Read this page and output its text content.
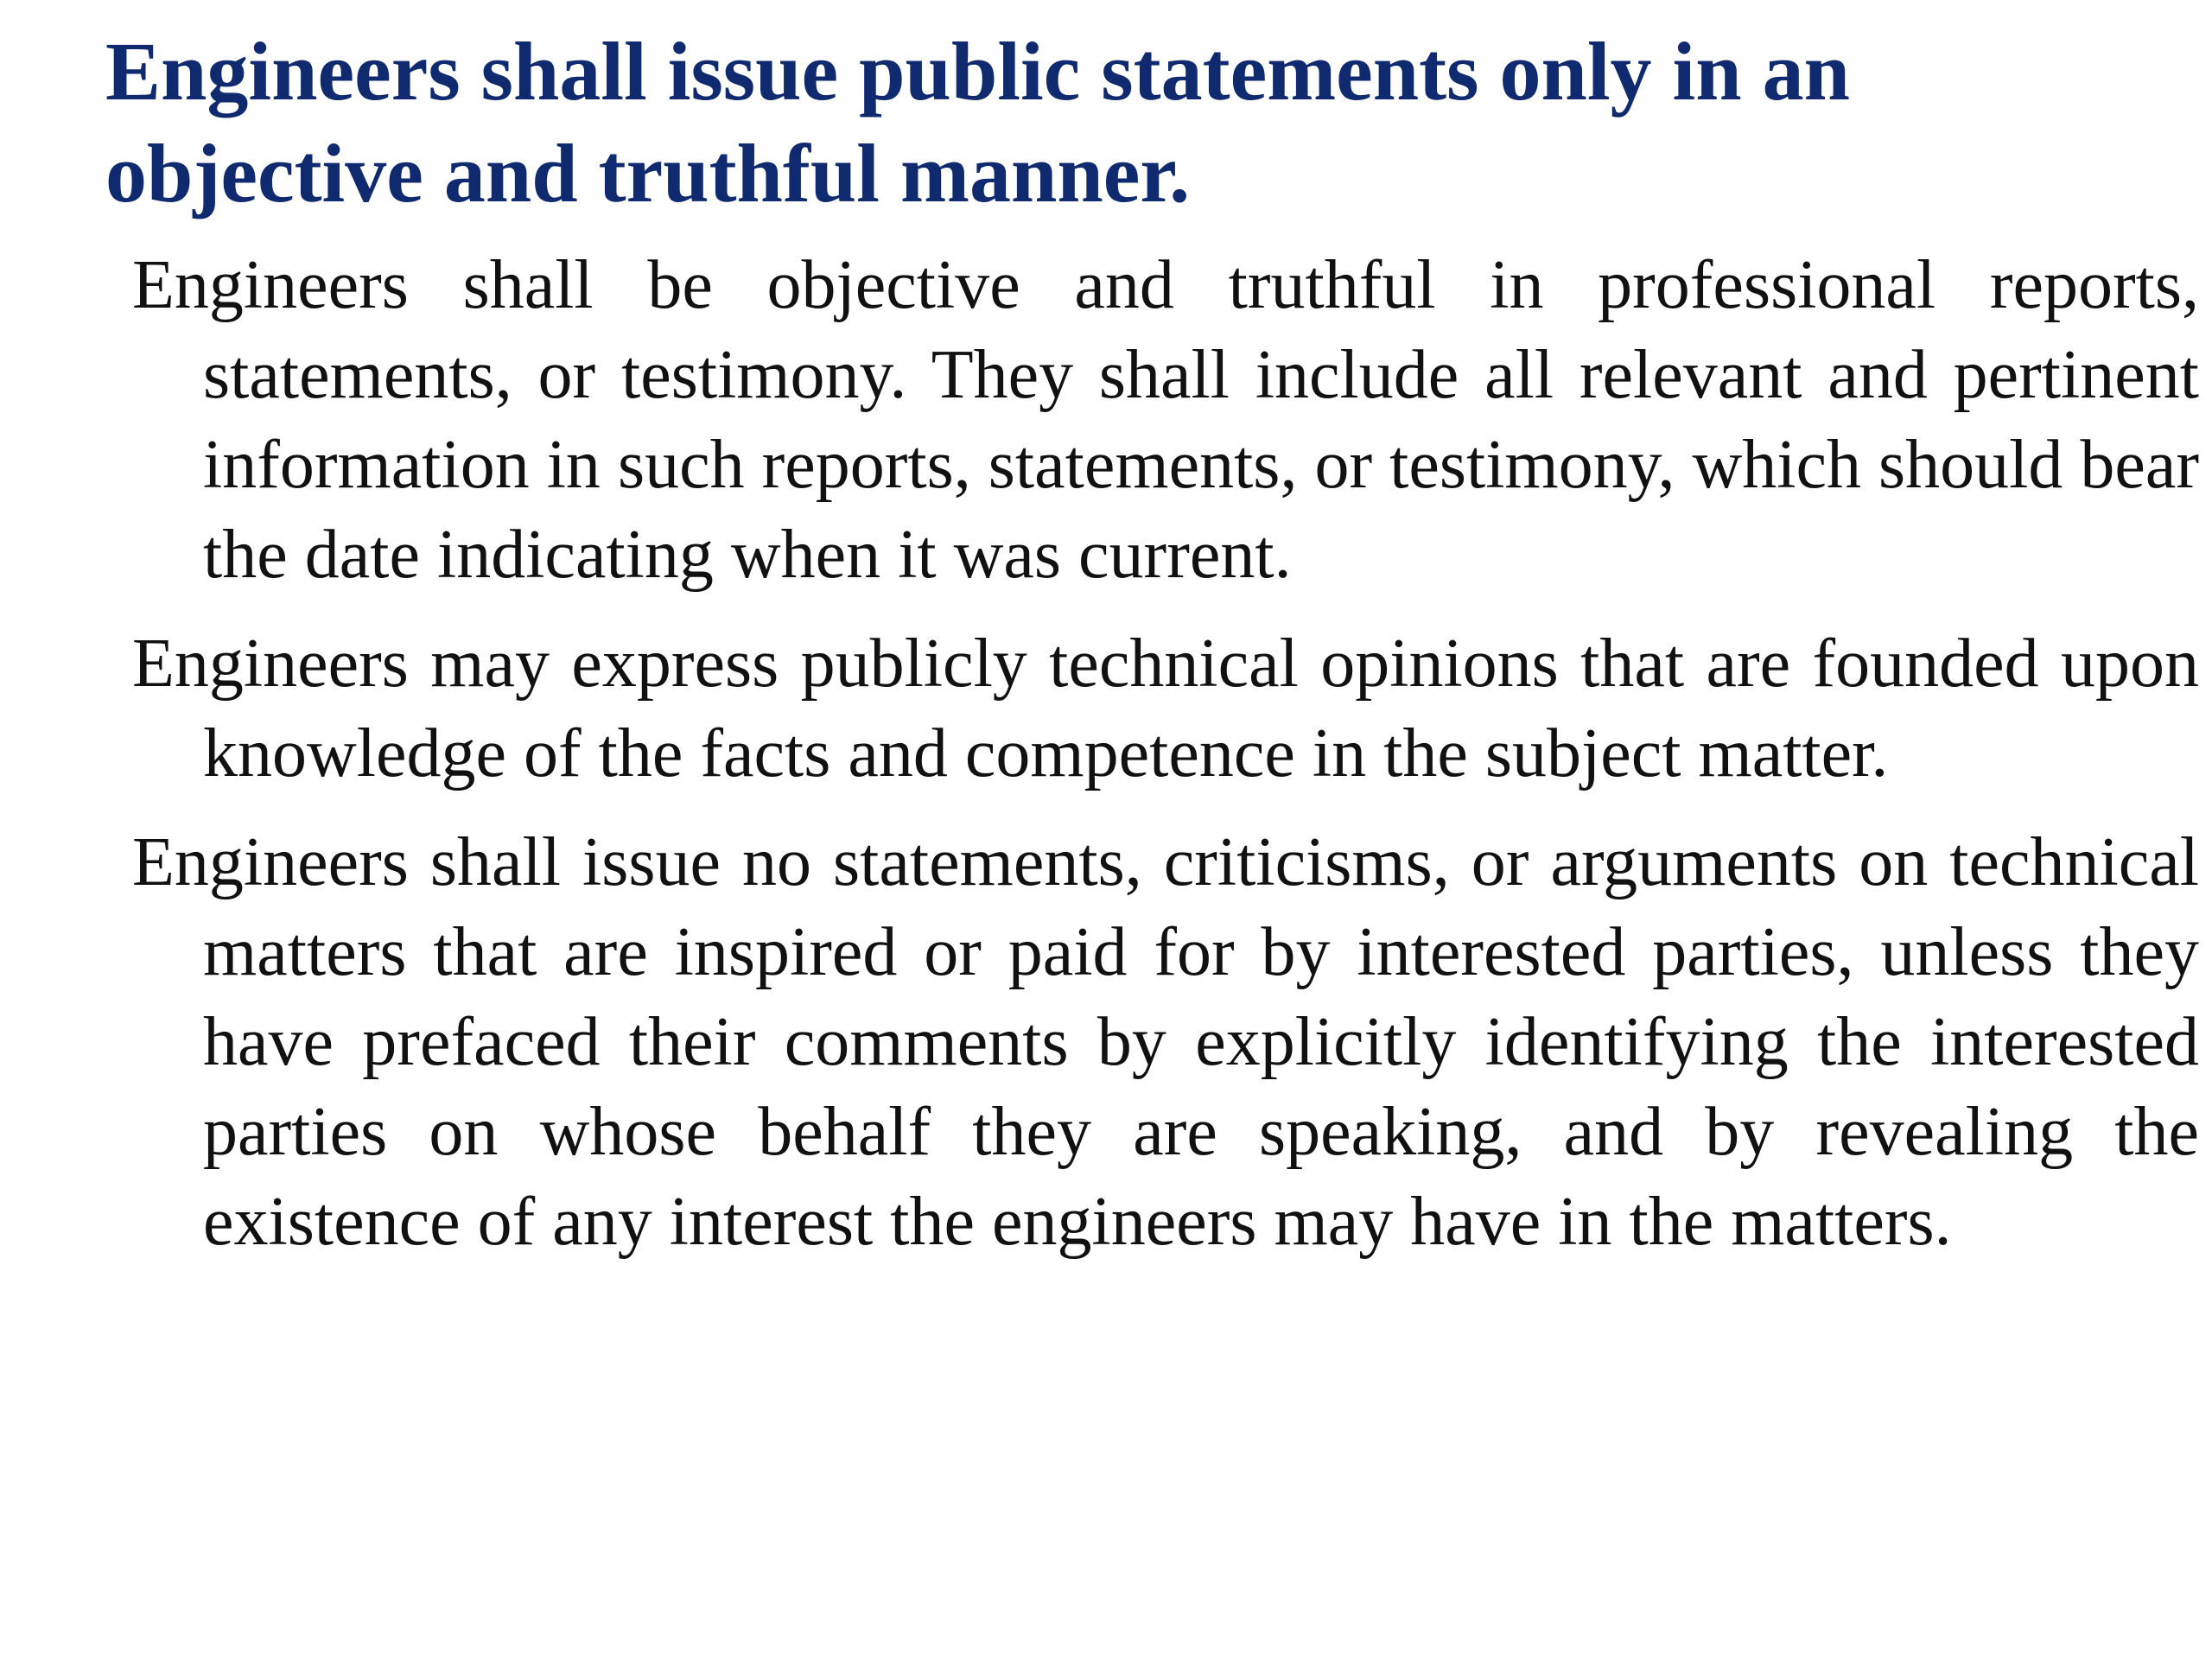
Engineers shall issue public statements only in an objective and truthful manner.
Engineers shall be objective and truthful in professional reports, statements, or testimony. They shall include all relevant and pertinent information in such reports, statements, or testimony, which should bear the date indicating when it was current.
Engineers may express publicly technical opinions that are founded upon knowledge of the facts and competence in the subject matter.
Engineers shall issue no statements, criticisms, or arguments on technical matters that are inspired or paid for by interested parties, unless they have prefaced their comments by explicitly identifying the interested parties on whose behalf they are speaking, and by revealing the existence of any interest the engineers may have in the matters.
